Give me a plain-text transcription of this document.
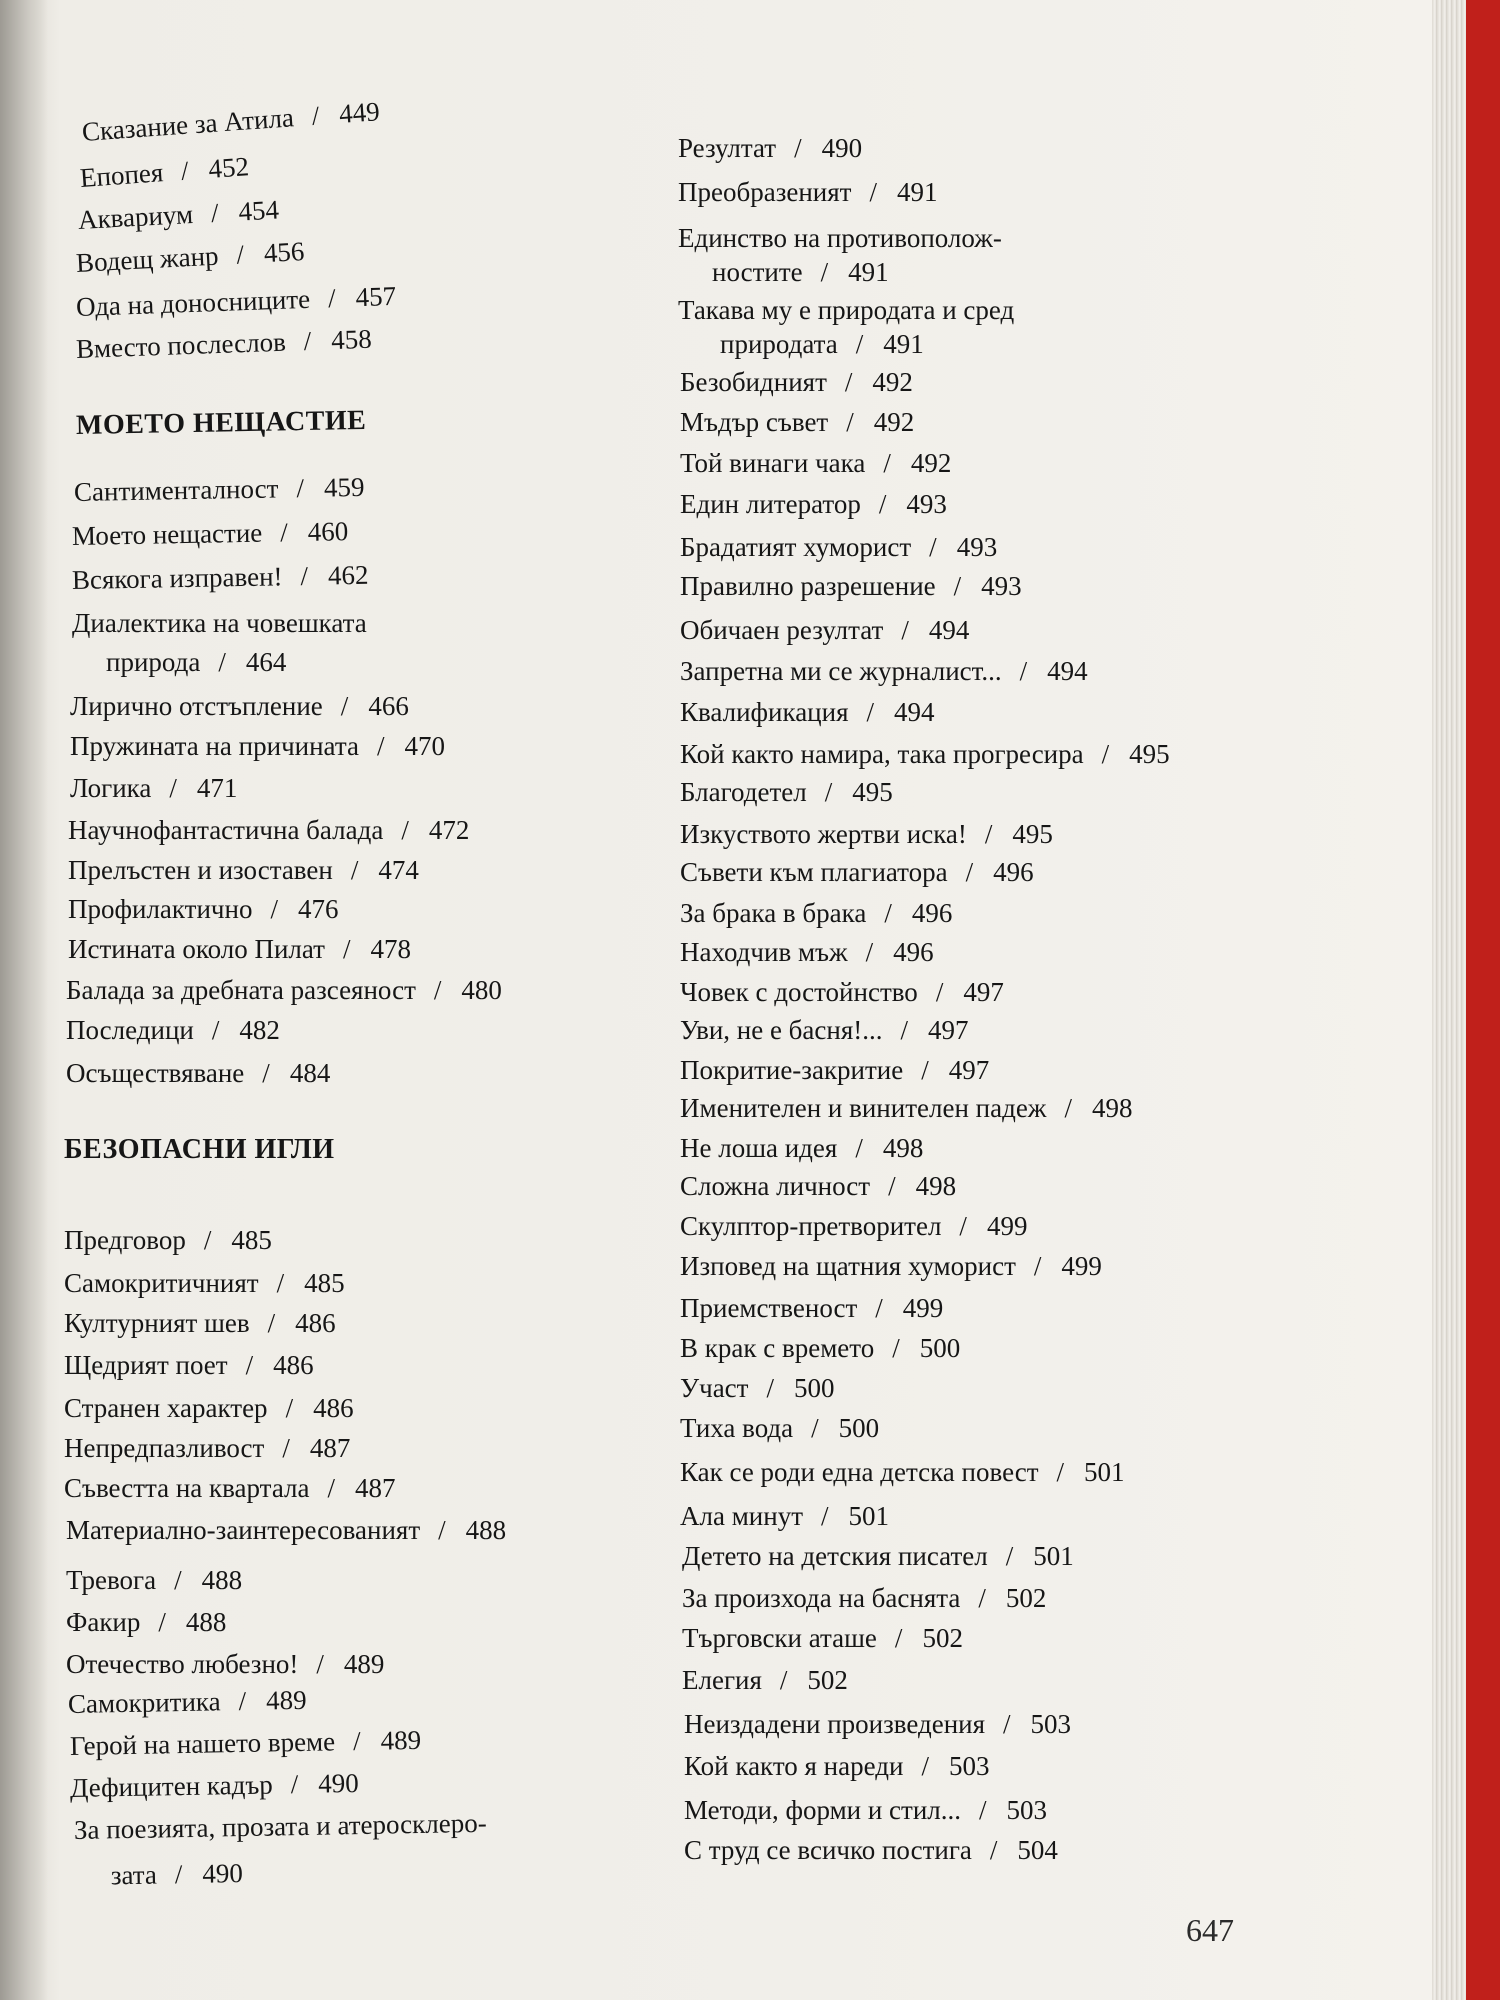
Сказание за Атила / 449
Епопея / 452
Аквариум / 454
Водещ жанр / 456
Ода на доносниците / 457
Вместо послеслов / 458
МОЕТО НЕЩАСТИЕ
Сантименталност / 459
Моето нещастие / 460
Всякога изправен! / 462
Диалектика на човешката
природа / 464
Лирично отстъпление / 466
Пружината на причината / 470
Логика / 471
Научнофантастична балада / 472
Прелъстен и изоставен / 474
Профилактично / 476
Истината около Пилат / 478
Балада за дребната разсеяност / 480
Последици / 482
Осъществяване / 484
БЕЗОПАСНИ ИГЛИ
Предговор / 485
Самокритичният / 485
Културният шев / 486
Щедрият поет / 486
Странен характер / 486
Непредпазливост / 487
Съвестта на квартала / 487
Материално-заинтересованият / 488
Тревога / 488
Факир / 488
Отечество любезно! / 489
Самокритика / 489
Герой на нашето време / 489
Дефицитен кадър / 490
За поезията, прозата и атеросклеро-
зата / 490
Резултат / 490
Преобразеният / 491
Единство на противополож-
ностите / 491
Такава му е природата и сред
природата / 491
Безобидният / 492
Мъдър съвет / 492
Той винаги чака / 492
Един литератор / 493
Брадатият хуморист / 493
Правилно разрешение / 493
Обичаен резултат / 494
Запретна ми се журналист... / 494
Квалификация / 494
Кой както намира, така прогресира / 495
Благодетел / 495
Изкуството жертви иска! / 495
Съвети към плагиатора / 496
За брака в брака / 496
Находчив мъж / 496
Човек с достойнство / 497
Уви, не е басня!... / 497
Покритие-закритие / 497
Именителен и винителен падеж / 498
Не лоша идея / 498
Сложна личност / 498
Скулптор-претворител / 499
Изповед на щатния хуморист / 499
Приемственост / 499
В крак с времето / 500
Участ / 500
Тиха вода / 500
Как се роди една детска повест / 501
Ала минут / 501
Детето на детския писател / 501
За произхода на баснята / 502
Търговски аташе / 502
Елегия / 502
Неиздадени произведения / 503
Кой както я нареди / 503
Методи, форми и стил... / 503
С труд се всичко постига / 504
647
